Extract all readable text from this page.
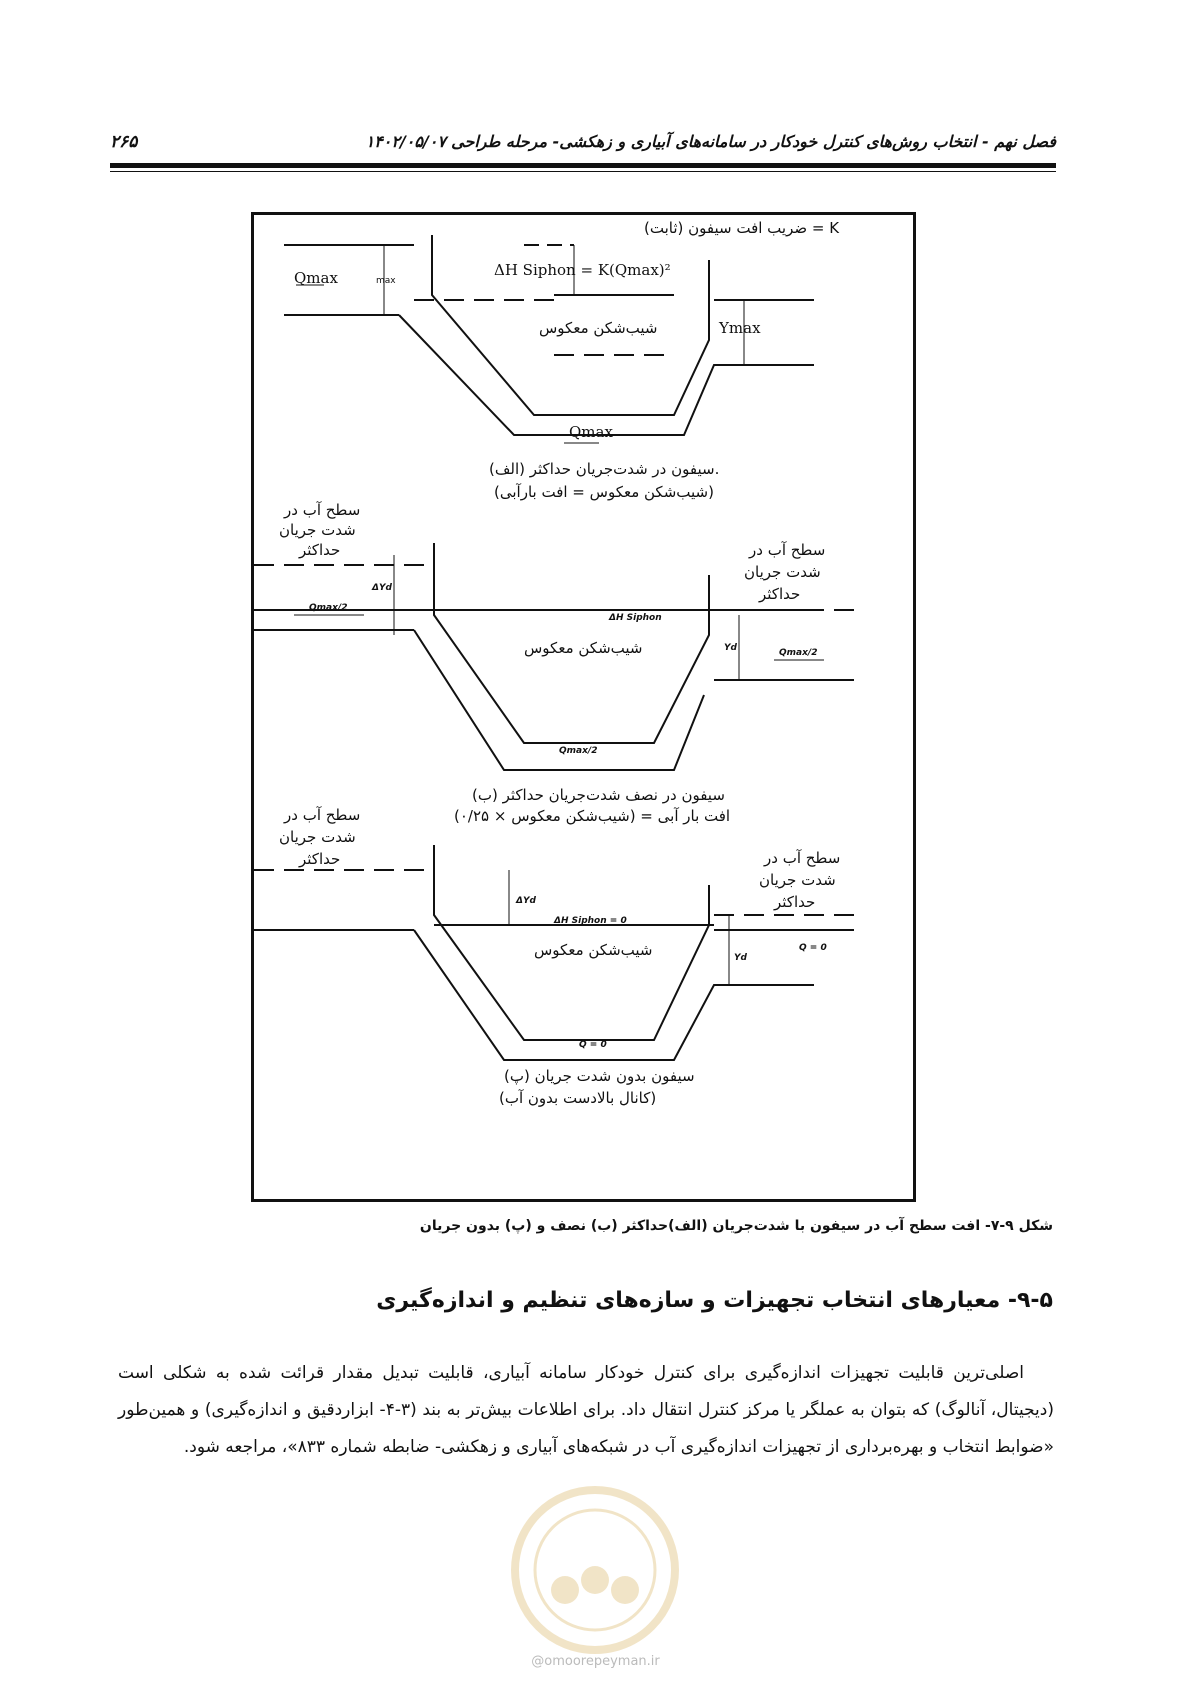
فصل نهم - انتخاب روش‌های کنترل خودکار در سامانه‌های آبیاری و زهکشی- مرحله طراحی
۱۴۰۲/۰۵/۰۷
۲۶۵
ضریب افت سیفون (ثابت) = K
ΔH Siphon = K(Qmax)²
Qmax	max
Ymax
شیب‌شکن معکوس
Qmax
(الف) سیفون در شدت‌جریان حداکثر.
(شیب‌شکن معکوس = افت بارآبی)
سطح آب در
شدت جریان
حداکثر	سطح آب در
شدت جریان
حداکثر
ΔYd
ΔH Siphon
Yd
Qmax/2
Qmax/2
Qmax/2
شیب‌شکن معکوس
(ب) سیفون در نصف شدت‌جریان حداکثر
(شیب‌شکن معکوس × ۰/۲۵) = افت بار آبی
سطح آب در
شدت جریان
حداکثر	سطح آب در
شدت جریان
حداکثر
ΔYd
ΔH Siphon = 0
Yd
Q = 0
Q = 0
شیب‌شکن معکوس
(پ) سیفون بدون شدت جریان
(کانال بالادست بدون آب)
شکل ۹-۷- افت سطح آب در سیفون با شدت‌جریان (الف)حداکثر (ب) نصف و (پ) بدون جریان
۹-۵- معیارهای انتخاب تجهیزات و سازه‌های تنظیم و اندازه‌گیری
اصلی‌ترین قابلیت تجهیزات اندازه‌گیری برای کنترل خودکار سامانه آبیاری، قابلیت تبدیل مقدار قرائت شده به شکلی است (دیجیتال، آنالوگ) که بتوان به عملگر یا مرکز کنترل انتقال داد. برای اطلاعات بیش‌تر به بند (۳-۴- ابزاردقیق و اندازه‌گیری) و همین‌طور «ضوابط انتخاب و بهره‌برداری از تجهیزات اندازه‌گیری آب در شبکه‌های آبیاری و زهکشی- ضابطه شماره ۸۳۳»، مراجعه شود.
@omoorepeyman.ir
